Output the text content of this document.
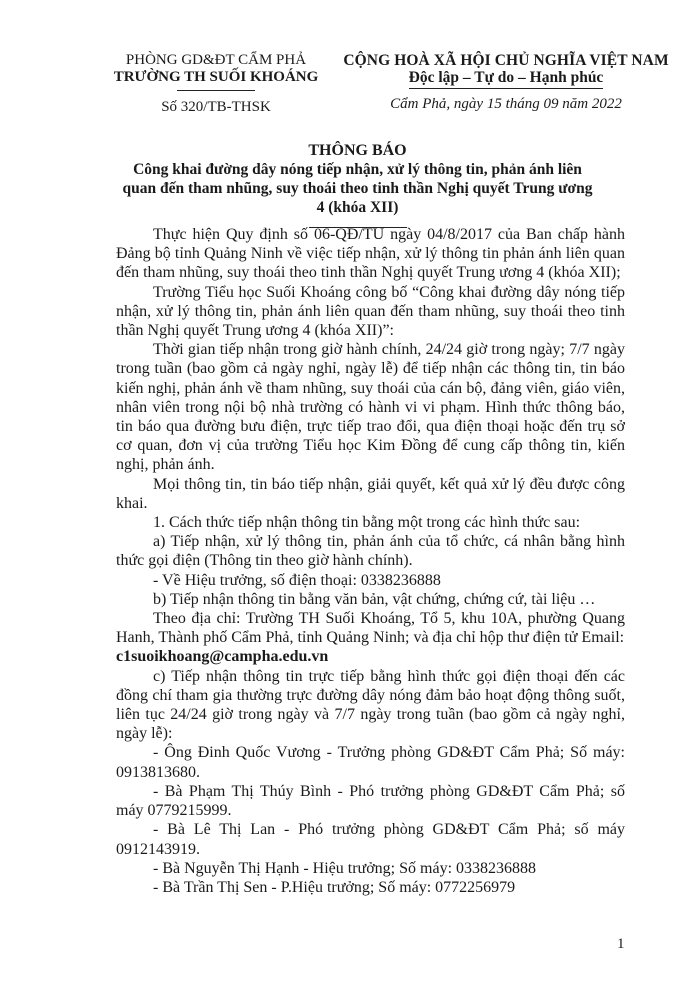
PHÒNG GD&ĐT CẨM PHẢ
TRƯỜNG TH SUỐI KHOÁNG
Số 320/TB-THSK
CỘNG HOÀ XÃ HỘI CHỦ NGHĨA VIỆT NAM
Độc lập – Tự do – Hạnh phúc
Cẩm Phả, ngày 15 tháng 09 năm 2022
THÔNG BÁO
Công khai đường dây nóng tiếp nhận, xử lý thông tin, phản ánh liên quan đến tham nhũng, suy thoái theo tinh thần Nghị quyết Trung ương 4 (khóa XII)

Thực hiện Quy định số 06-QĐ/TU ngày 04/8/2017 của Ban chấp hành Đảng bộ tỉnh Quảng Ninh về việc tiếp nhận, xử lý thông tin phản ánh liên quan đến tham nhũng, suy thoái theo tinh thần Nghị quyết Trung ương 4 (khóa XII);

Trường Tiểu học Suối Khoáng công bố “Công khai đường dây nóng tiếp nhận, xử lý thông tin, phản ánh liên quan đến tham nhũng, suy thoái theo tinh thần Nghị quyết Trung ương 4 (khóa XII)”:

Thời gian tiếp nhận trong giờ hành chính, 24/24 giờ trong ngày; 7/7 ngày trong tuần (bao gồm cả ngày nghỉ, ngày lễ) để tiếp nhận các thông tin, tin báo kiến nghị, phản ánh về tham nhũng, suy thoái của cán bộ, đảng viên, giáo viên, nhân viên trong nội bộ nhà trường có hành vi vi phạm. Hình thức thông báo, tin báo qua đường bưu điện, trực tiếp trao đổi, qua điện thoại hoặc đến trụ sở cơ quan, đơn vị của trường Tiểu học Kim Đồng để cung cấp thông tin, kiến nghị, phản ánh.

Mọi thông tin, tin báo tiếp nhận, giải quyết, kết quả xử lý đều được công khai.

1. Cách thức tiếp nhận thông tin bằng một trong các hình thức sau:

a) Tiếp nhận, xử lý thông tin, phản ánh của tổ chức, cá nhân bằng hình thức gọi điện (Thông tin theo giờ hành chính).

- Về Hiệu trưởng, số điện thoại: 0338236888

b) Tiếp nhận thông tin bằng văn bản, vật chứng, chứng cứ, tài liệu …

Theo địa chỉ: Trường TH Suối Khoáng, Tổ 5, khu 10A, phường Quang Hanh, Thành phố Cẩm Phả, tỉnh Quảng Ninh; và địa chỉ hộp thư điện tử Email:

c1suoikhoang@campha.edu.vn

c) Tiếp nhận thông tin trực tiếp bằng hình thức gọi điện thoại đến các đồng chí tham gia thường trực đường dây nóng đảm bảo hoạt động thông suốt, liên tục 24/24 giờ trong ngày và 7/7 ngày trong tuần (bao gồm cả ngày nghỉ, ngày lễ):

- Ông Đinh Quốc Vương - Trưởng phòng GD&ĐT Cẩm Phả; Số máy: 0913813680.

- Bà Phạm Thị Thúy Bình - Phó trưởng phòng GD&ĐT Cẩm Phả; số máy 0779215999.

- Bà Lê Thị Lan - Phó trưởng phòng GD&ĐT Cẩm Phả; số máy 0912143919.

- Bà Nguyễn Thị Hạnh - Hiệu trưởng; Số máy: 0338236888

- Bà Trần Thị Sen - P.Hiệu trưởng; Số máy: 0772256979

1
